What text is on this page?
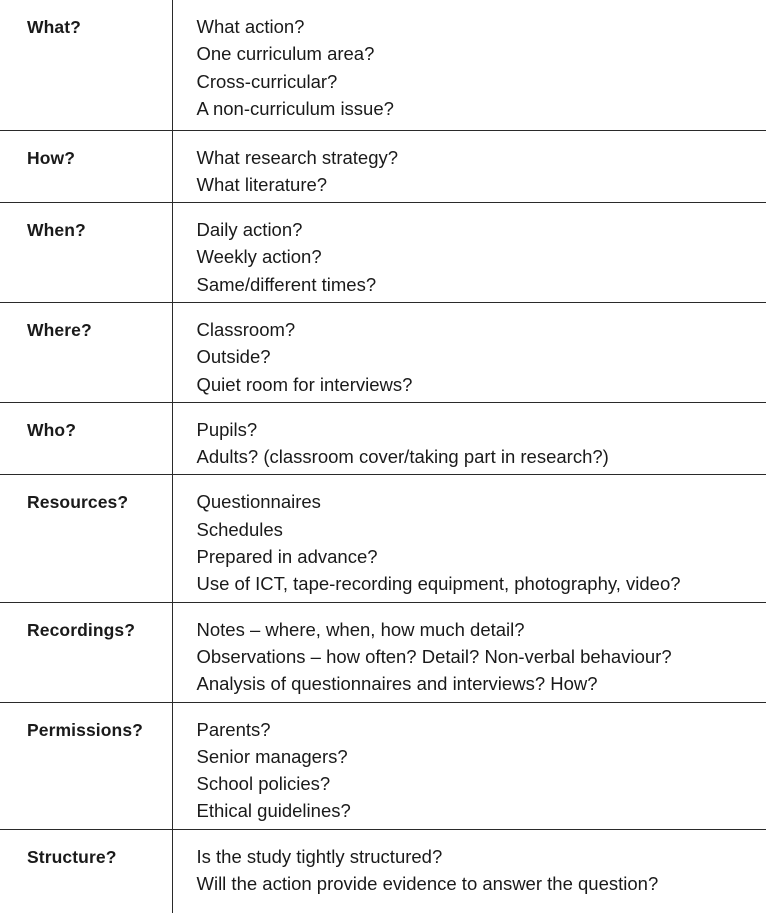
What?	What action?
One curriculum area?
Cross-curricular?
A non-curriculum issue?

How?	What research strategy?
What literature?

When?	Daily action?
Weekly action?
Same/different times?

Where?	Classroom?
Outside?
Quiet room for interviews?

Who?	Pupils?
Adults? (classroom cover/taking part in research?)

Resources?	Questionnaires
Schedules
Prepared in advance?
Use of ICT, tape-recording equipment, photography, video?

Recordings?	Notes – where, when, how much detail?
Observations – how often? Detail? Non-verbal behaviour?
Analysis of questionnaires and interviews? How?

Permissions?	Parents?
Senior managers?
School policies?
Ethical guidelines?

Structure?	Is the study tightly structured?
Will the action provide evidence to answer the question?
